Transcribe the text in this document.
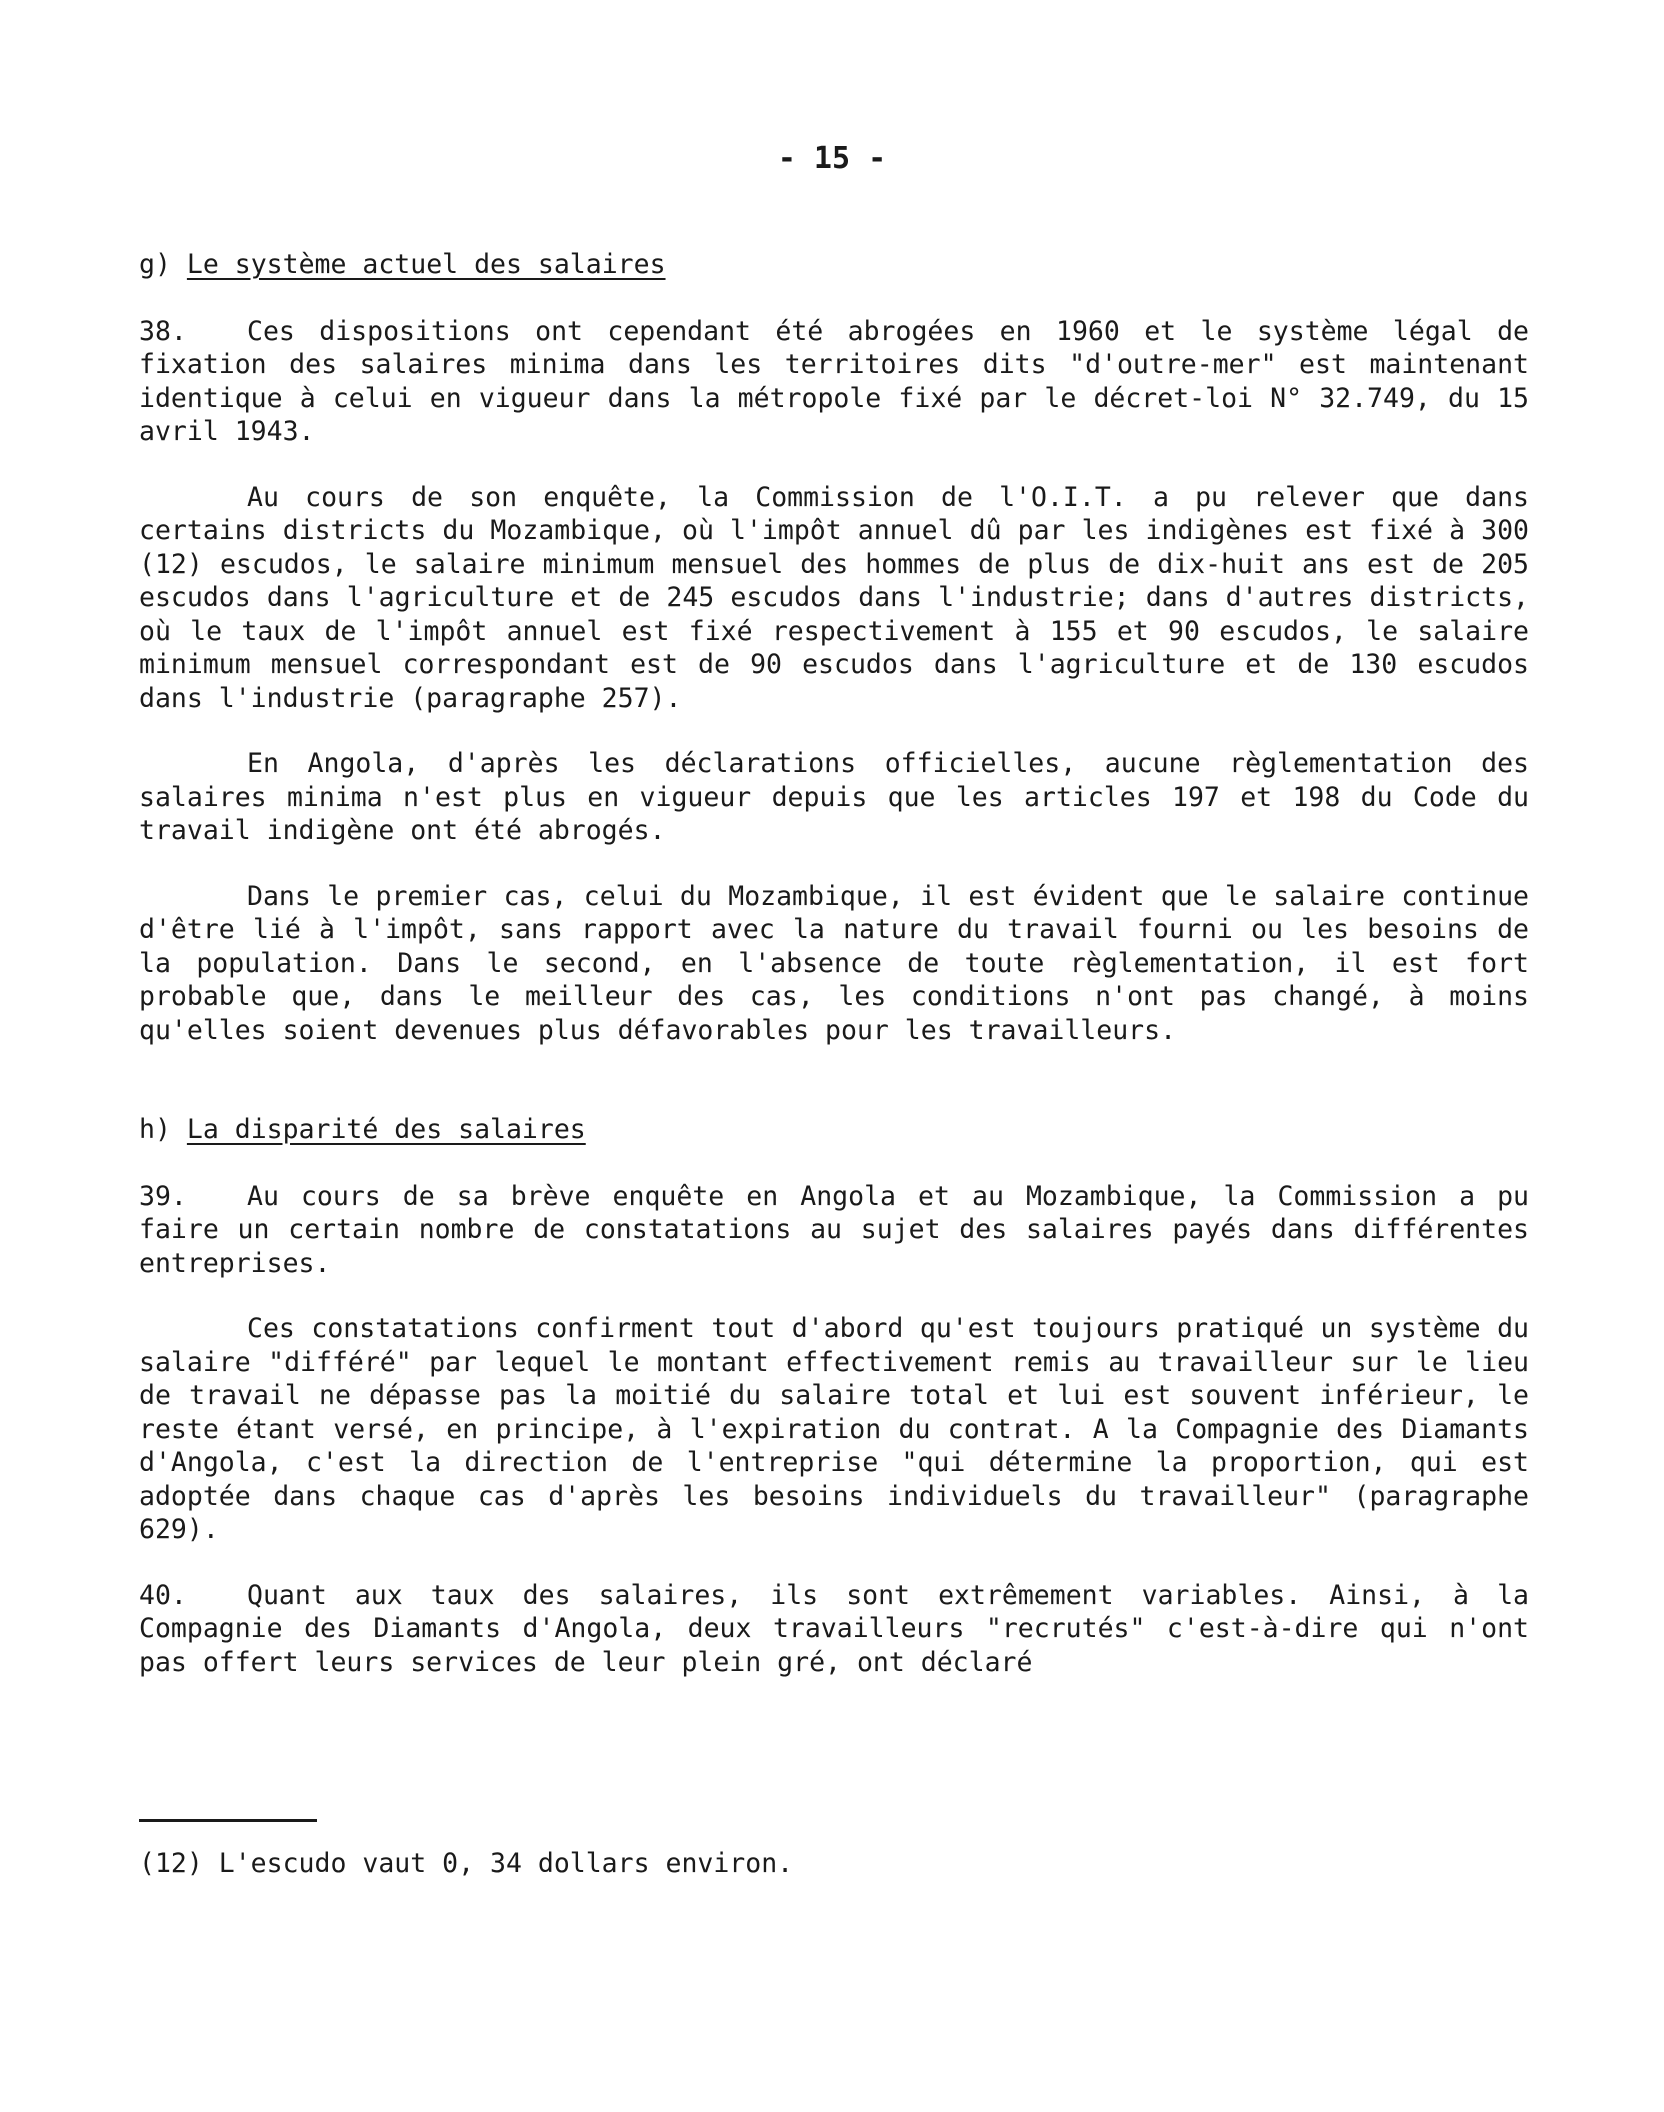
- 15 -
g) Le système actuel des salaires

38. Ces dispositions ont cependant été abrogées en 1960 et le système légal de fixation des salaires minima dans les territoires dits "d'outre-mer" est maintenant identique à celui en vigueur dans la métropole fixé par le décret-loi N° 32.749, du 15 avril 1943.

Au cours de son enquête, la Commission de l'O.I.T. a pu relever que dans certains districts du Mozambique, où l'impôt annuel dû par les indigènes est fixé à 300 (12) escudos, le salaire minimum mensuel des hommes de plus de dix-huit ans est de 205 escudos dans l'agriculture et de 245 escudos dans l'industrie; dans d'autres districts, où le taux de l'impôt annuel est fixé respectivement à 155 et 90 escudos, le salaire minimum mensuel correspondant est de 90 escudos dans l'agriculture et de 130 escudos dans l'industrie (paragraphe 257).

En Angola, d'après les déclarations officielles, aucune règlementation des salaires minima n'est plus en vigueur depuis que les articles 197 et 198 du Code du travail indigène ont été abrogés.

Dans le premier cas, celui du Mozambique, il est évident que le salaire continue d'être lié à l'impôt, sans rapport avec la nature du travail fourni ou les besoins de la population. Dans le second, en l'absence de toute règlementation, il est fort probable que, dans le meilleur des cas, les conditions n'ont pas changé, à moins qu'elles soient devenues plus défavorables pour les travailleurs.

h) La disparité des salaires

39. Au cours de sa brève enquête en Angola et au Mozambique, la Commission a pu faire un certain nombre de constatations au sujet des salaires payés dans différentes entreprises.

Ces constatations confirment tout d'abord qu'est toujours pratiqué un système du salaire "différé" par lequel le montant effectivement remis au travailleur sur le lieu de travail ne dépasse pas la moitié du salaire total et lui est souvent inférieur, le reste étant versé, en principe, à l'expiration du contrat. A la Compagnie des Diamants d'Angola, c'est la direction de l'entreprise "qui détermine la proportion, qui est adoptée dans chaque cas d'après les besoins individuels du travailleur" (paragraphe 629).

40. Quant aux taux des salaires, ils sont extrêmement variables. Ainsi, à la Compagnie des Diamants d'Angola, deux travailleurs "recrutés" c'est-à-dire qui n'ont pas offert leurs services de leur plein gré, ont déclaré

(12) L'escudo vaut 0, 34 dollars environ.
